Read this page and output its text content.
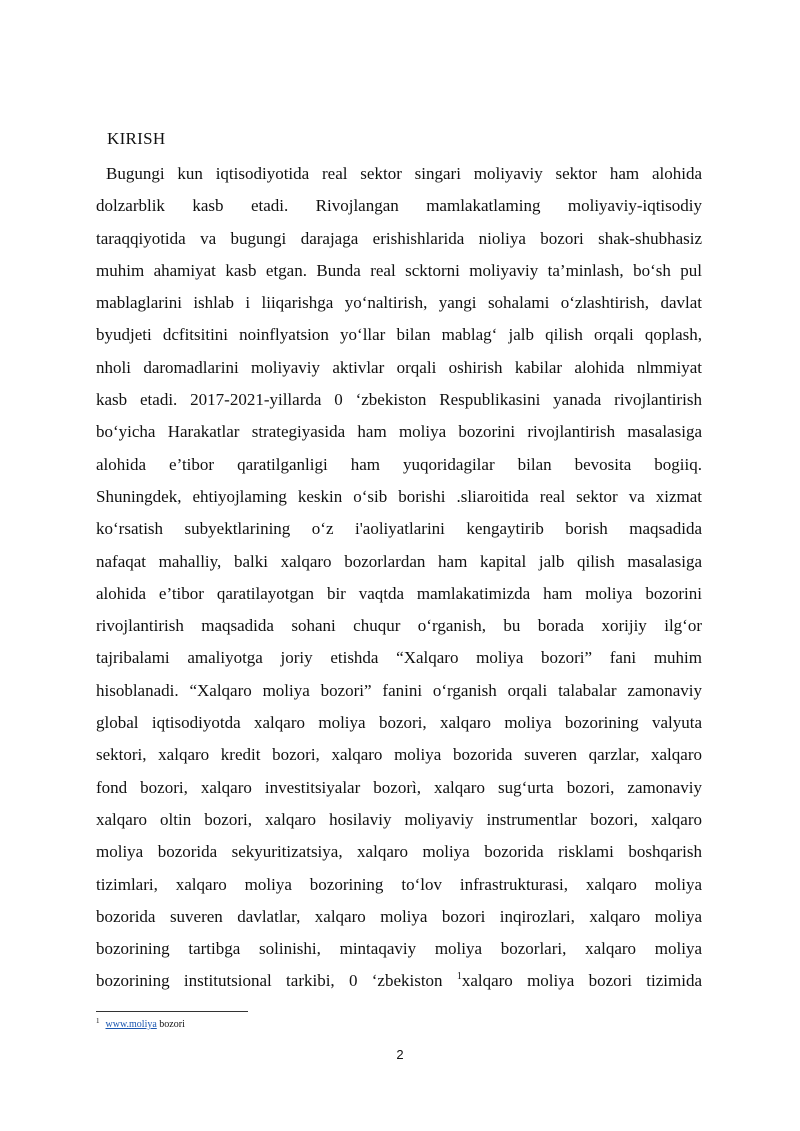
KIRISH
Bugungi kun iqtisodiyotida real sektor singari moliyaviy sektor ham alohida
dolzarblik kasb etadi. Rivojlangan mamlakatlaming moliyaviy-iqtisodiy
taraqqiyotida va bugungi darajaga erishishlarida nioliya bozori shak-shubhasiz
muhim ahamiyat kasb etgan. Bunda real scktorni moliyaviy ta’minlash, bo‘sh pul
mablaglarini ishlab i liiqarishga yo‘naltirish, yangi sohalami o‘zlashtirish, davlat
byudjeti dcfitsitini noinflyatsion yo‘llar bilan mablag‘ jalb qilish orqali qoplash,
nholi daromadlarini moliyaviy aktivlar orqali oshirish kabilar alohida nlmmiyat
kasb etadi. 2017-2021-yillarda 0 ‘zbekiston Respublikasini yanada rivojlantirish
bo‘yicha Harakatlar strategiyasida ham moliya bozorini rivojlantirish masalasiga
alohida e’tibor qaratilganligi ham yuqoridagilar bilan bevosita bogiiq.
Shuningdek, ehtiyojlaming keskin o‘sib borishi .sliaroitida real sektor va xizmat
ko‘rsatish subyektlarining o‘z i'aoliyatlarini kengaytirib borish maqsadida
nafaqat mahalliy, balki xalqaro bozorlardan ham kapital jalb qilish masalasiga
alohida e’tibor qaratilayotgan bir vaqtda mamlakatimizda ham moliya bozorini
rivojlantirish maqsadida sohani chuqur o‘rganish, bu borada xorijiy ilg‘or
tajribalami amaliyotga joriy etishda “Xalqaro moliya bozori” fani muhim
hisoblanadi. “Xalqaro moliya bozori” fanini o‘rganish orqali talabalar zamonaviy
global iqtisodiyotda xalqaro moliya bozori, xalqaro moliya bozorining valyuta
sektori, xalqaro kredit bozori, xalqaro moliya bozorida suveren qarzlar, xalqaro
fond bozori, xalqaro investitsiyalar bozorì, xalqaro sug‘urta bozori, zamonaviy
xalqaro oltin bozori, xalqaro hosilaviy moliyaviy instrumentlar bozori, xalqaro
moliya bozorida sekyuritizatsiya, xalqaro moliya bozorida risklami boshqarish
tizimlari, xalqaro moliya bozorining to‘lov infrastrukturasi, xalqaro moliya
bozorida suveren davlatlar, xalqaro moliya bozori inqirozlari, xalqaro moliya
bozorining tartibga solinishi, mintaqaviy moliya bozorlari, xalqaro moliya
bozorining institutsional tarkibi, 0 ‘zbekiston $^1$xalqaro moliya bozori tizimida
$^1$ www.moliya bozori
2
